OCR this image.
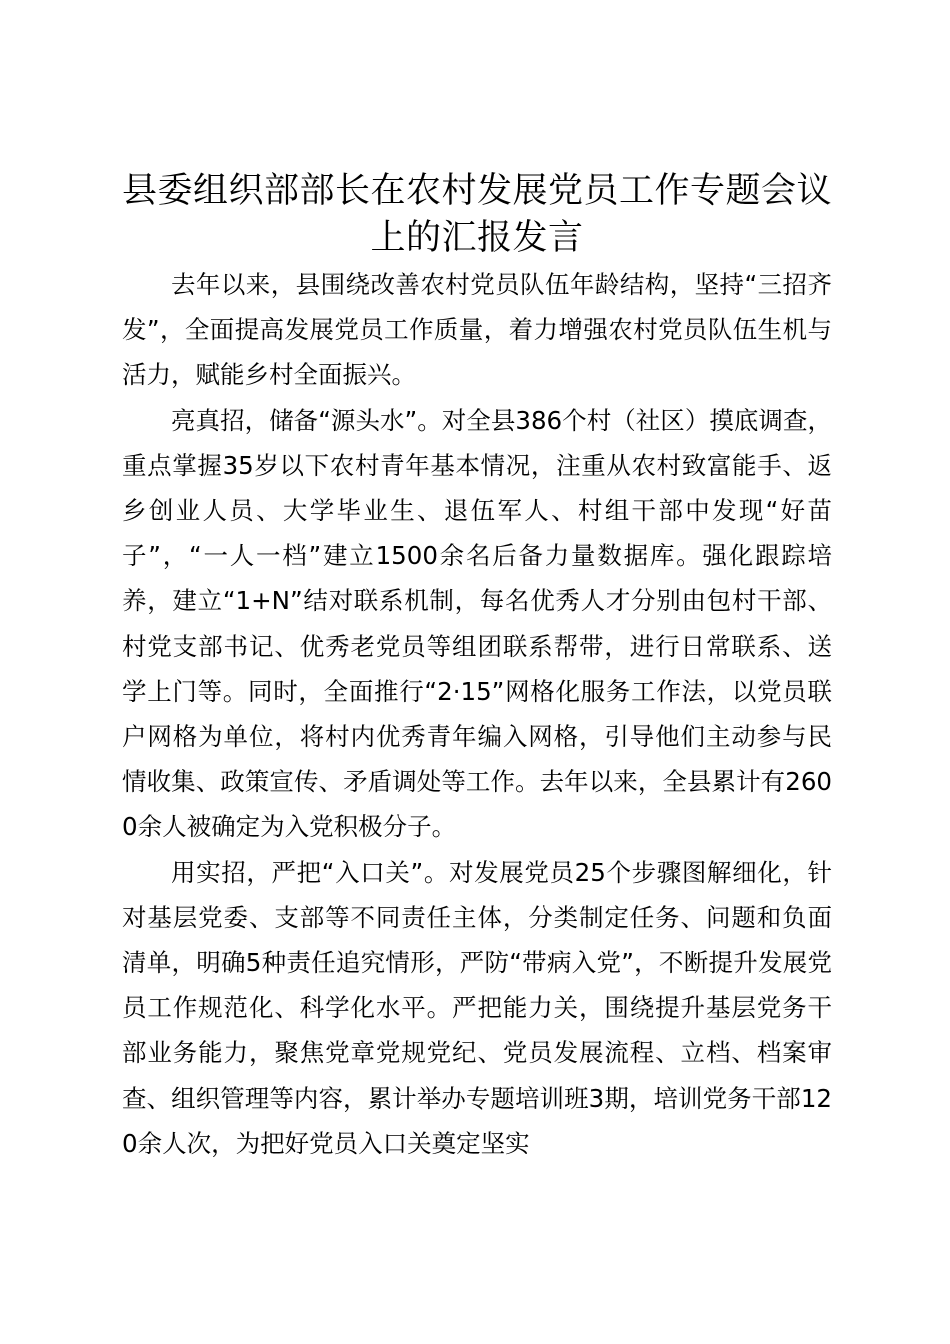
县委组织部部长在农村发展党员工作专题会议
上的汇报发言

去年以来，县围绕改善农村党员队伍年龄结构，坚持“三招齐发”，全面提高发展党员工作质量，着力增强农村党员队伍生机与活力，赋能乡村全面振兴。

亮真招，储备“源头水”。对全县386个村（社区）摸底调查，重点掌握35岁以下农村青年基本情况，注重从农村致富能手、返乡创业人员、大学毕业生、退伍军人、村组干部中发现“好苗子”，“一人一档”建立1500余名后备力量数据库。强化跟踪培养，建立“1+N”结对联系机制，每名优秀人才分别由包村干部、村党支部书记、优秀老党员等组团联系帮带，进行日常联系、送学上门等。同时，全面推行“2·15”网格化服务工作法，以党员联户网格为单位，将村内优秀青年编入网格，引导他们主动参与民情收集、政策宣传、矛盾调处等工作。去年以来，全县累计有2600余人被确定为入党积极分子。

用实招，严把“入口关”。对发展党员25个步骤图解细化，针对基层党委、支部等不同责任主体，分类制定任务、问题和负面清单，明确5种责任追究情形，严防“带病入党”，不断提升发展党员工作规范化、科学化水平。严把能力关，围绕提升基层党务干部业务能力，聚焦党章党规党纪、党员发展流程、立档、档案审查、组织管理等内容，累计举办专题培训班3期，培训党务干部120余人次，为把好党员入口关奠定坚实
